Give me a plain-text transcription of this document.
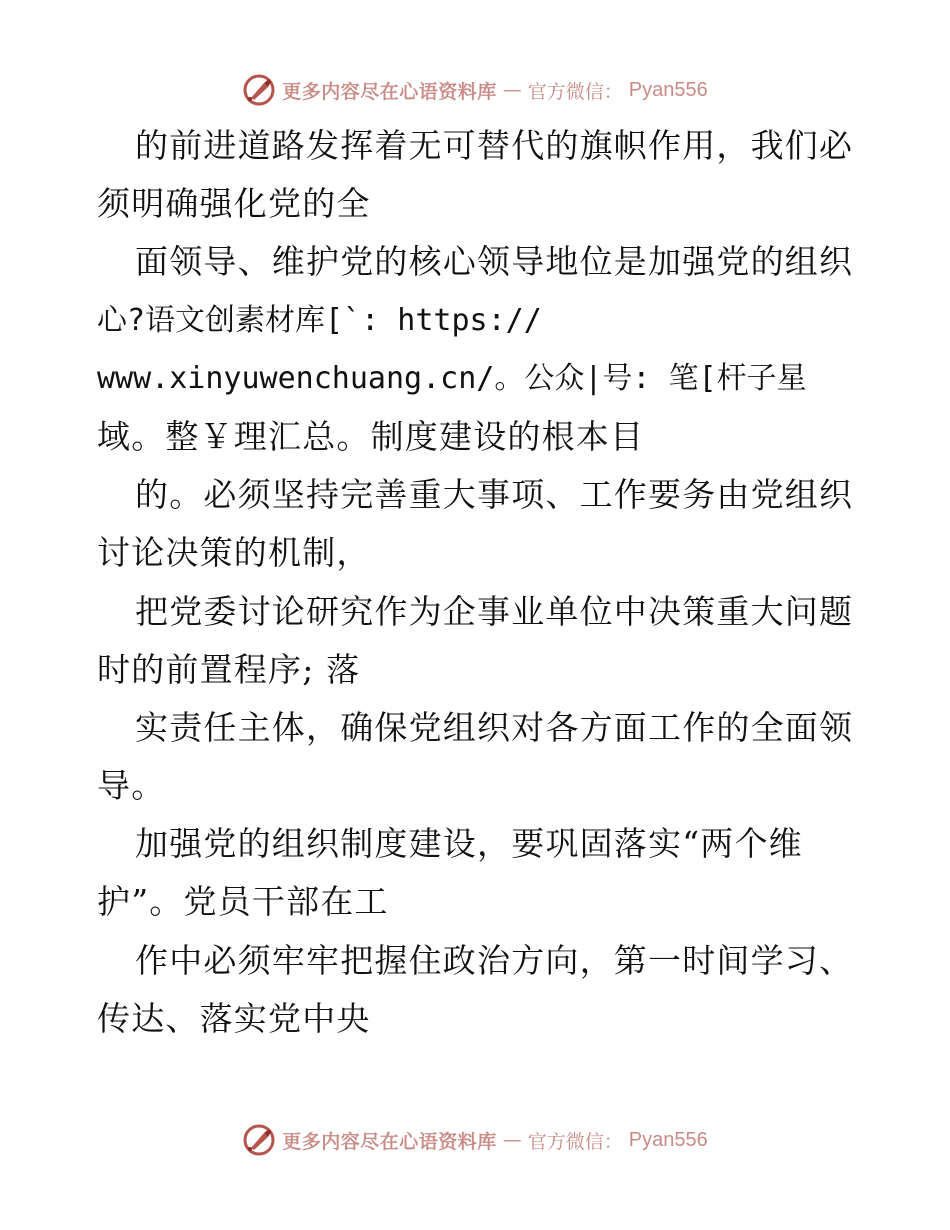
更多内容尽在心语资料库 — 官方微信： Pyan556
的前进道路发挥着无可替代的旗帜作用，我们必
须明确强化党的全
面领导、维护党的核心领导地位是加强党的组织
心?语文创素材库[`: https://
www.xinyuwenchuang.cn/。公众|号: 笔[杆子星
域。整￥理汇总。制度建设的根本目
的。必须坚持完善重大事项、工作要务由党组织
讨论决策的机制，
把党委讨论研究作为企事业单位中决策重大问题
时的前置程序; 落
实责任主体，确保党组织对各方面工作的全面领
导。
加强党的组织制度建设，要巩固落实“两个维
护”。党员干部在工
作中必须牢牢把握住政治方向，第一时间学习、
传达、落实党中央
更多内容尽在心语资料库 — 官方微信： Pyan556
